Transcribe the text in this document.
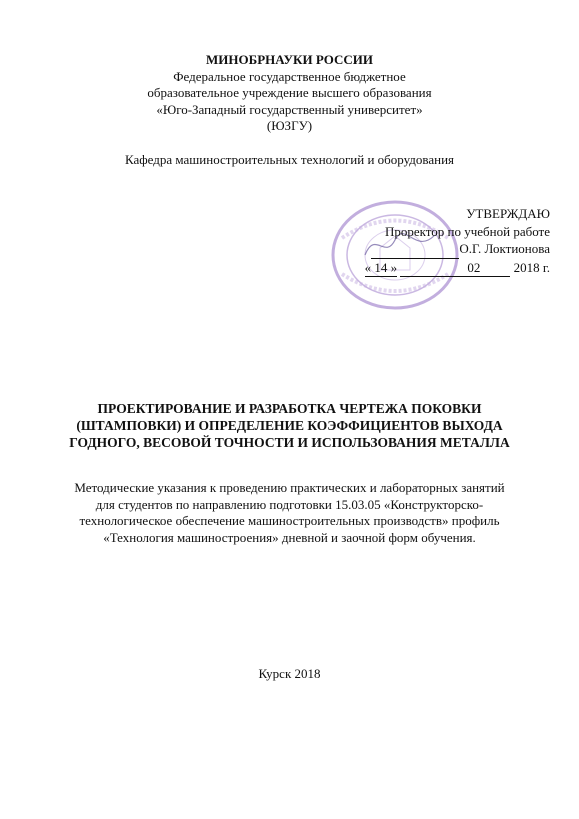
МИНОБРНАУКИ РОССИИ
Федеральное государственное бюджетное
образовательное учреждение высшего образования
«Юго-Западный государственный университет»
(ЮЗГУ)
Кафедра машиностроительных технологий и оборудования
УТВЕРЖДАЮ
Проректор по учебной работе
О.Г. Локтионова
« 14 »	02	2018 г.
ПРОЕКТИРОВАНИЕ И РАЗРАБОТКА ЧЕРТЕЖА ПОКОВКИ
(ШТАМПОВКИ) И ОПРЕДЕЛЕНИЕ КОЭФФИЦИЕНТОВ ВЫХОДА
ГОДНОГО, ВЕСОВОЙ ТОЧНОСТИ И ИСПОЛЬЗОВАНИЯ МЕТАЛЛА
Методические указания к проведению практических и лабораторных занятий
для студентов по направлению подготовки 15.03.05 «Конструкторско-
технологическое обеспечение машиностроительных производств» профиль
«Технология машиностроения» дневной и заочной форм обучения.
Курск 2018
